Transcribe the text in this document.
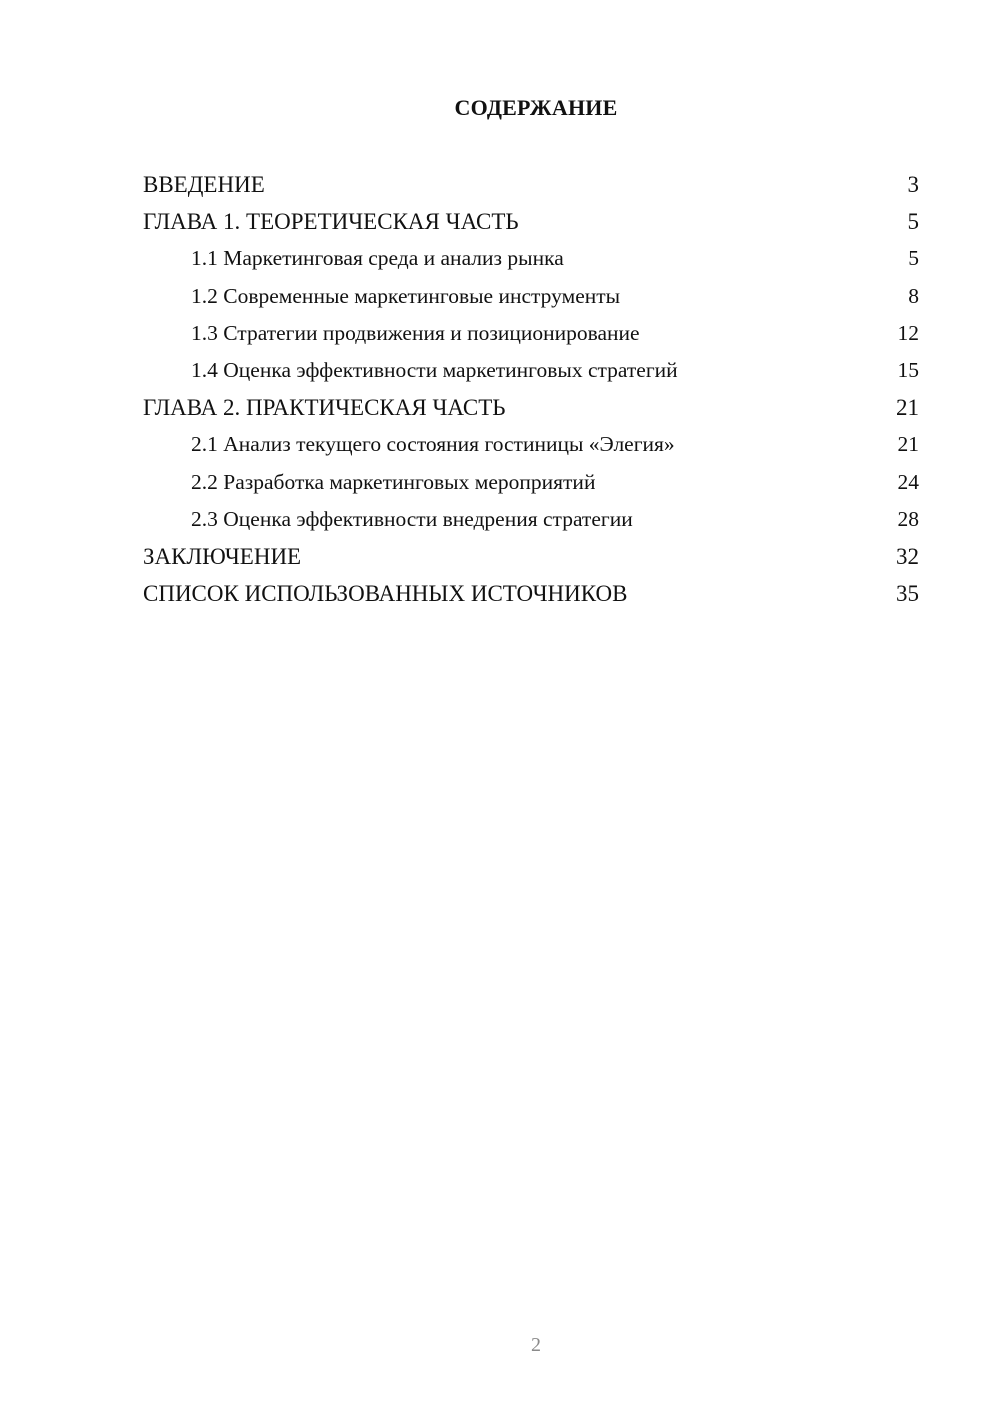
СОДЕРЖАНИЕ
ВВЕДЕНИЕ	3
ГЛАВА 1. ТЕОРЕТИЧЕСКАЯ ЧАСТЬ	5
1.1 Маркетинговая среда и анализ рынка	5
1.2 Современные маркетинговые инструменты	8
1.3 Стратегии продвижения и позиционирование	12
1.4 Оценка эффективности маркетинговых стратегий	15
ГЛАВА 2. ПРАКТИЧЕСКАЯ ЧАСТЬ	21
2.1 Анализ текущего состояния гостиницы «Элегия»	21
2.2 Разработка маркетинговых мероприятий	24
2.3 Оценка эффективности внедрения стратегии	28
ЗАКЛЮЧЕНИЕ	32
СПИСОК ИСПОЛЬЗОВАННЫХ ИСТОЧНИКОВ	35
2
